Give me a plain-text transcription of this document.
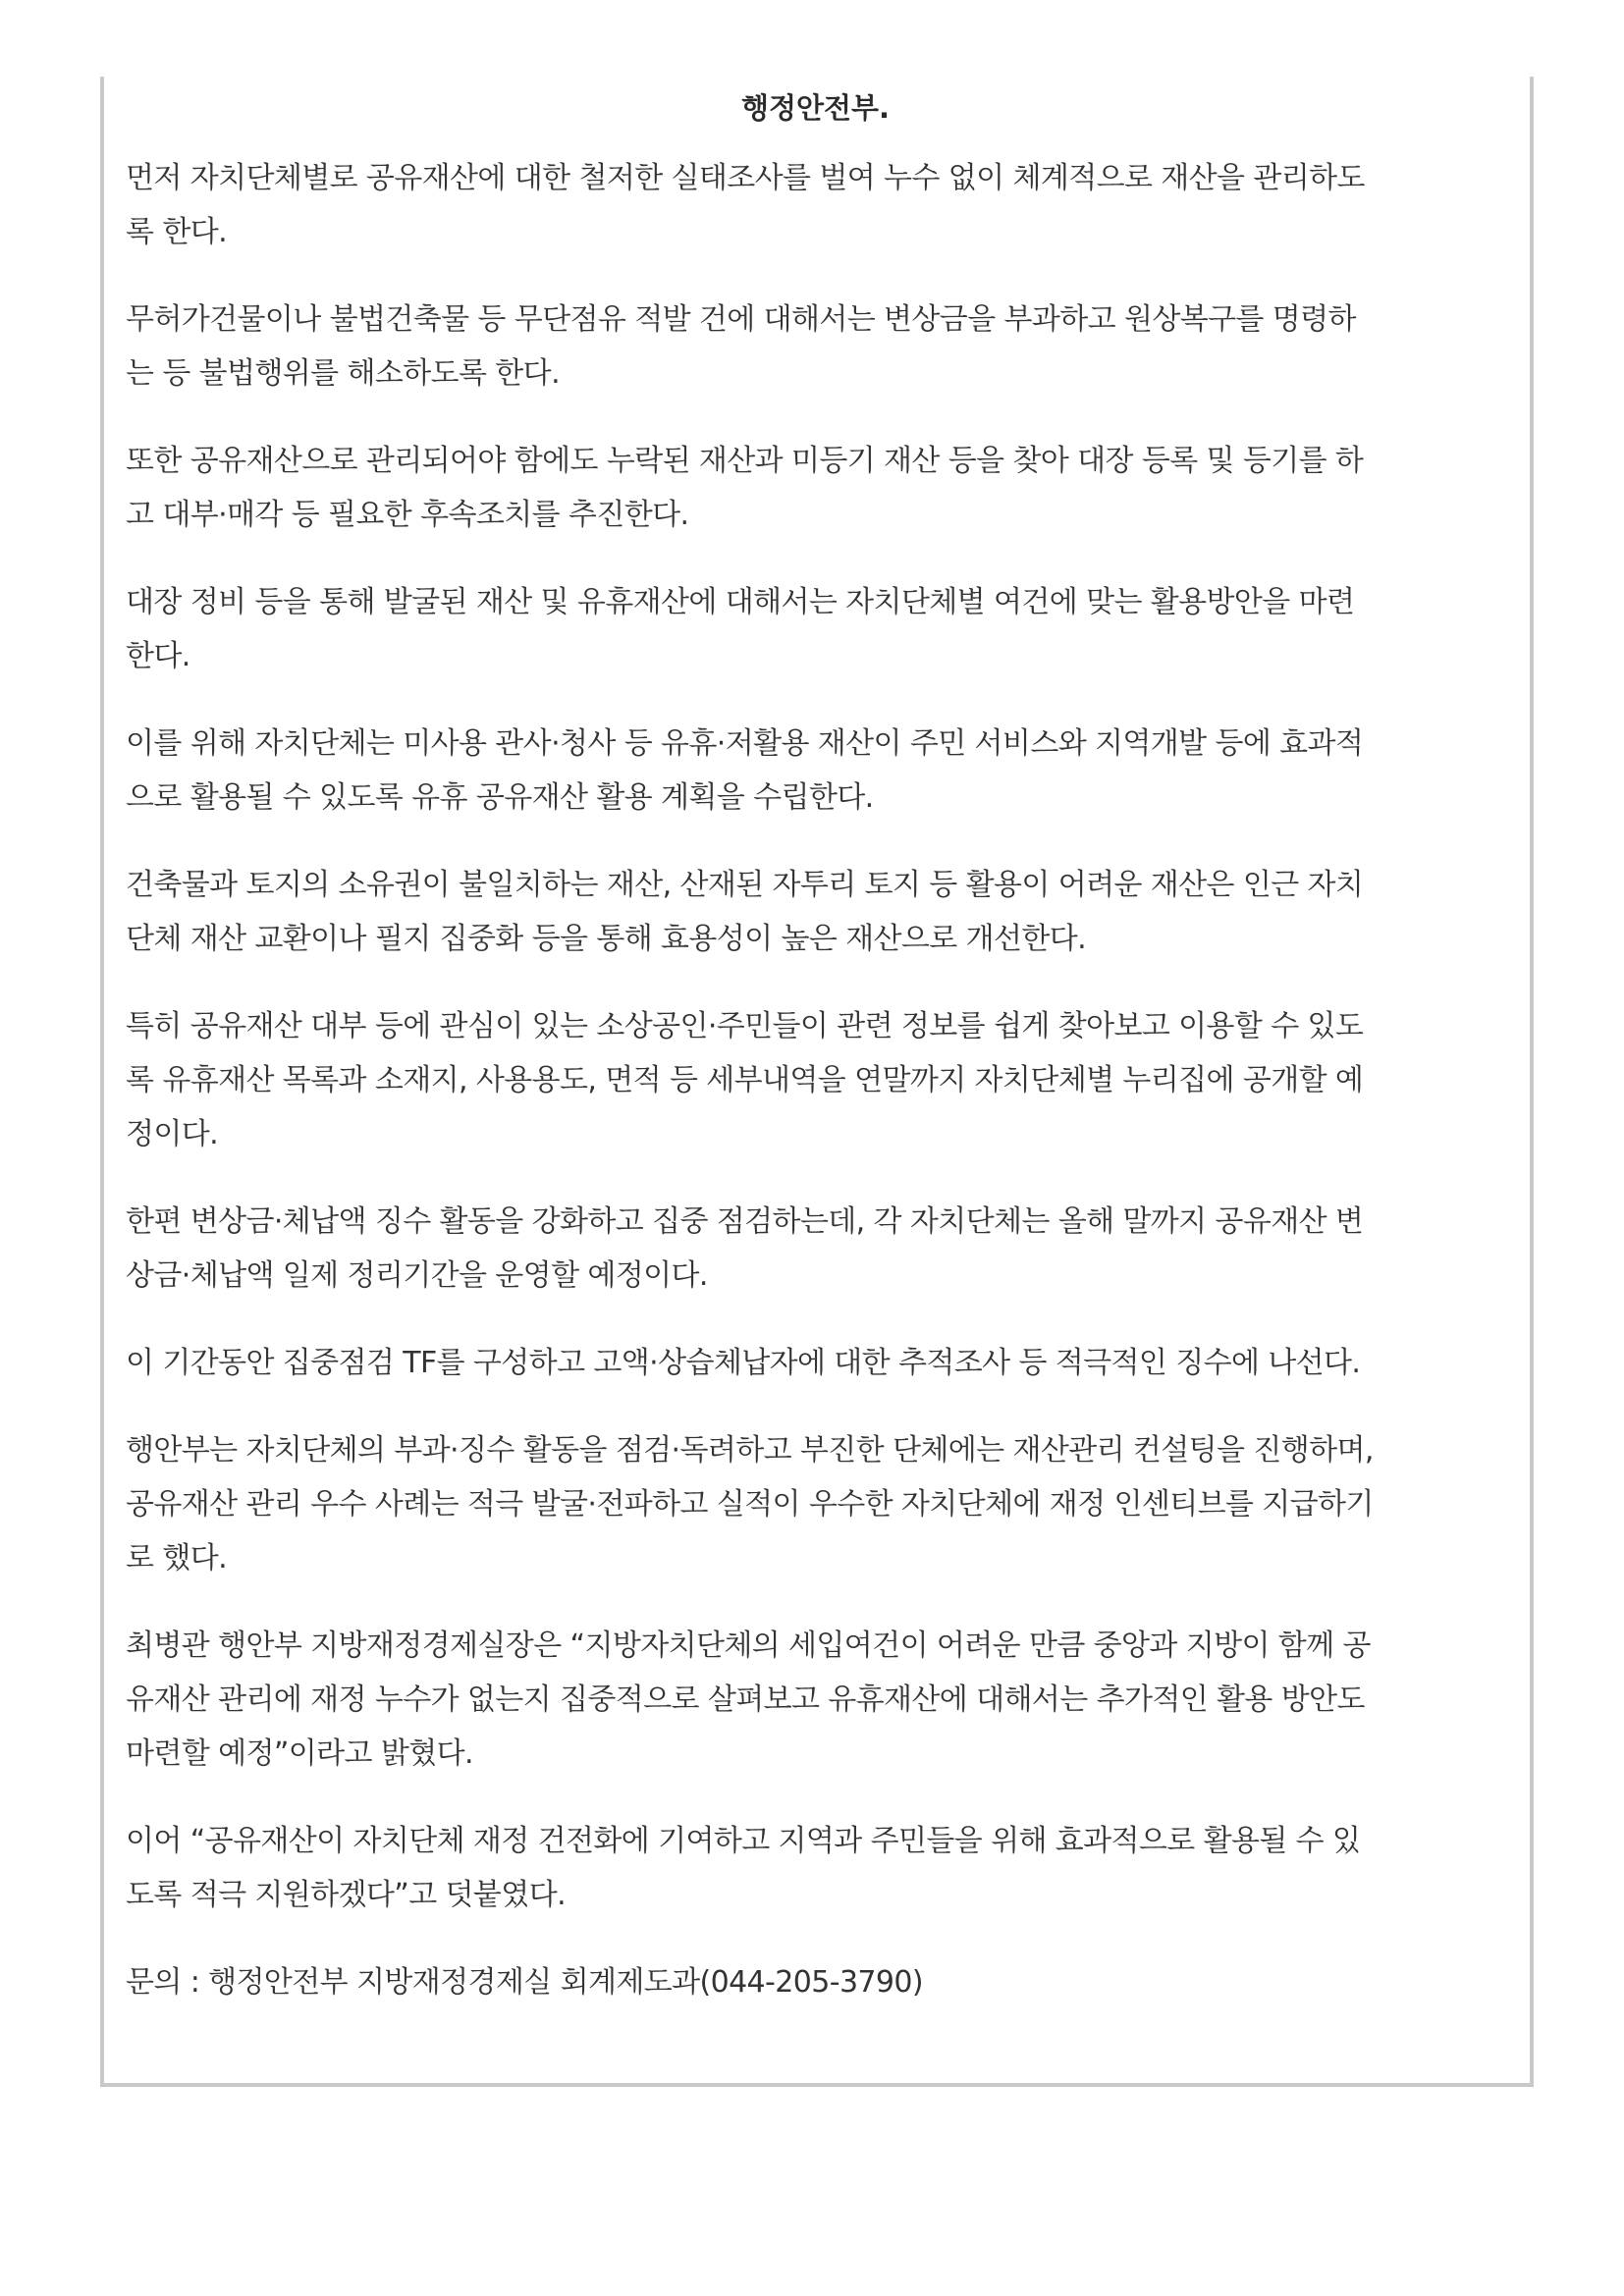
행정안전부.
먼저 자치단체별로 공유재산에 대한 철저한 실태조사를 벌여 누수 없이 체계적으로 재산을 관리하도
록 한다.
무허가건물이나 불법건축물 등 무단점유 적발 건에 대해서는 변상금을 부과하고 원상복구를 명령하
는 등 불법행위를 해소하도록 한다.
또한 공유재산으로 관리되어야 함에도 누락된 재산과 미등기 재산 등을 찾아 대장 등록 및 등기를 하
고 대부·매각 등 필요한 후속조치를 추진한다.
대장 정비 등을 통해 발굴된 재산 및 유휴재산에 대해서는 자치단체별 여건에 맞는 활용방안을 마련
한다.
이를 위해 자치단체는 미사용 관사·청사 등 유휴·저활용 재산이 주민 서비스와 지역개발 등에 효과적
으로 활용될 수 있도록 유휴 공유재산 활용 계획을 수립한다.
건축물과 토지의 소유권이 불일치하는 재산, 산재된 자투리 토지 등 활용이 어려운 재산은 인근 자치
단체 재산 교환이나 필지 집중화 등을 통해 효용성이 높은 재산으로 개선한다.
특히 공유재산 대부 등에 관심이 있는 소상공인·주민들이 관련 정보를 쉽게 찾아보고 이용할 수 있도
록 유휴재산 목록과 소재지, 사용용도, 면적 등 세부내역을 연말까지 자치단체별 누리집에 공개할 예
정이다.
한편 변상금·체납액 징수 활동을 강화하고 집중 점검하는데, 각 자치단체는 올해 말까지 공유재산 변
상금·체납액 일제 정리기간을 운영할 예정이다.
이 기간동안 집중점검 TF를 구성하고 고액·상습체납자에 대한 추적조사 등 적극적인 징수에 나선다.
행안부는 자치단체의 부과·징수 활동을 점검·독려하고 부진한 단체에는 재산관리 컨설팅을 진행하며,
공유재산 관리 우수 사례는 적극 발굴·전파하고 실적이 우수한 자치단체에 재정 인센티브를 지급하기
로 했다.
최병관 행안부 지방재정경제실장은 “지방자치단체의 세입여건이 어려운 만큼 중앙과 지방이 함께 공
유재산 관리에 재정 누수가 없는지 집중적으로 살펴보고 유휴재산에 대해서는 추가적인 활용 방안도
마련할 예정”이라고 밝혔다.
이어 “공유재산이 자치단체 재정 건전화에 기여하고 지역과 주민들을 위해 효과적으로 활용될 수 있
도록 적극 지원하겠다”고 덧붙였다.
문의 : 행정안전부 지방재정경제실 회계제도과(044-205-3790)
